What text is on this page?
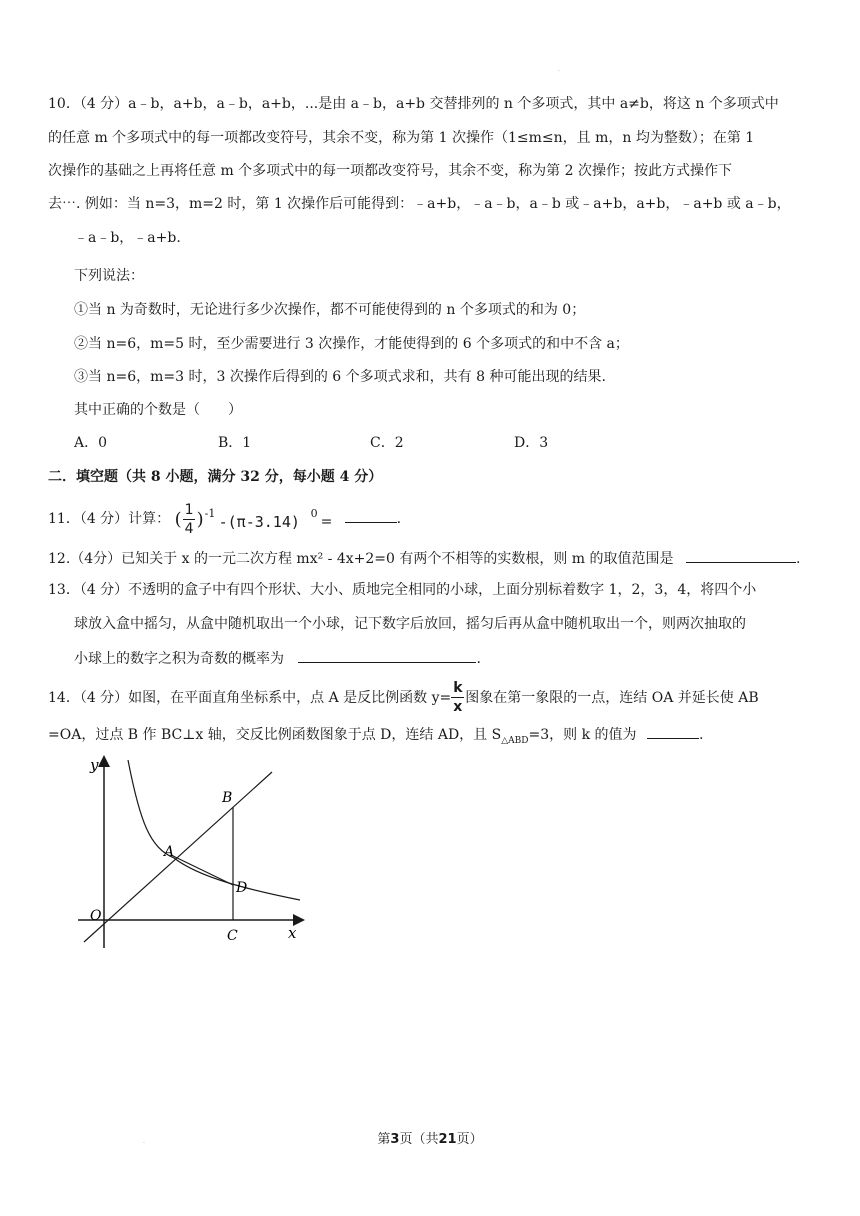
.
10．（4 分）a﹣b，a+b，a﹣b，a+b，...是由 a﹣b，a+b 交替排列的 n 个多项式，其中 a≠b，将这 n 个多项式中
的任意 m 个多项式中的每一项都改变符号，其余不变，称为第 1 次操作（1≤m≤n，且 m，n 均为整数）；在第 1
次操作的基础之上再将任意 m 个多项式中的每一项都改变符号，其余不变，称为第 2 次操作；按此方式操作下
去⋯. 例如：当 n=3，m=2 时，第 1 次操作后可能得到：﹣a+b，﹣a﹣b，a﹣b 或﹣a+b，a+b，﹣a+b 或 a﹣b，
﹣a﹣b，﹣a+b.
下列说法：
①当 n 为奇数时，无论进行多少次操作，都不可能使得到的 n 个多项式的和为 0；
②当 n=6，m=5 时，至少需要进行 3 次操作，才能使得到的 6 个多项式的和中不含 a；
③当 n=6，m=3 时，3 次操作后得到的 6 个多项式求和，共有 8 种可能出现的结果.
其中正确的个数是（　　）
A．0	B．1	C．2	D．3
二．填空题（共 8 小题，满分 32 分，每小题 4 分）
11．（4 分）计算： ( 1
4 ) -1 -(π-3.14) 0
=	.
12.（4分）已知关于 x 的一元二次方程 mx² - 4x+2=0 有两个不相等的实数根，则 m 的取值范围是	.
13．（4 分）不透明的盒子中有四个形状、大小、质地完全相同的小球，上面分别标着数字 1，2，3，4，将四个小
球放入盒中摇匀，从盒中随机取出一个小球，记下数字后放回，摇匀后再从盒中随机取出一个，则两次抽取的
小球上的数字之积为奇数的概率为	.
14．（4 分）如图，在平面直角坐标系中，点 A 是反比例函数 $y= \frac{k}{x}$ 图象在第一象限的一点，连结 OA 并延长使 AB
=OA，过点 B 作 BC⊥x 轴，交反比例函数图象于点 D，连结 AD，且 $S_{\triangle ABD}=3$，则 k 的值为	.
y
x
O
A
B
C
D
.	第3页（共21页）
